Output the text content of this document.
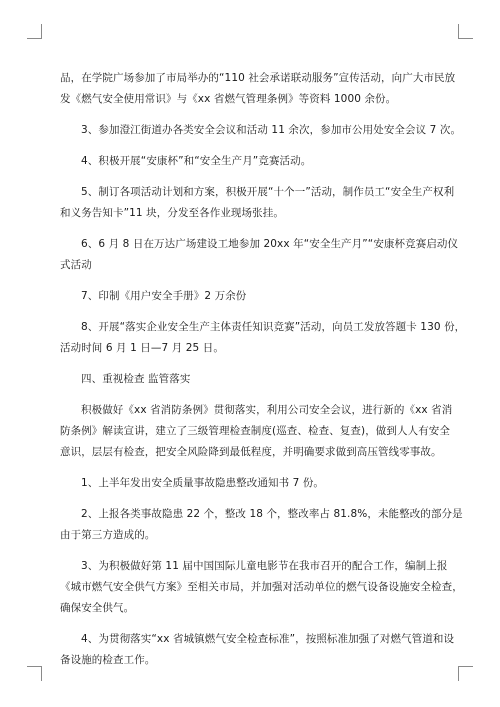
品，在学院广场参加了市局举办的“110 社会承诺联动服务”宣传活动，向广大市民放
发《燃气安全使用常识》与《xx 省燃气管理条例》等资料 1000 余份。

3、参加澄江街道办各类安全会议和活动 11 余次，参加市公用处安全会议 7 次。

4、积极开展“安康杯”和“安全生产月”竞赛活动。

5、制订各项活动计划和方案，积极开展“十个一”活动，制作员工“安全生产权利
和义务告知卡”11 块，分发至各作业现场张挂。

6、6 月 8 日在万达广场建设工地参加 20xx 年“安全生产月”“安康杯竞赛启动仪
式活动

7、印制《用户安全手册》2 万余份

8、开展“落实企业安全生产主体责任知识竞赛”活动，向员工发放答题卡 130 份，
活动时间 6 月 1 日—7 月 25 日。

四、重视检查 监管落实

积极做好《xx 省消防条例》贯彻落实，利用公司安全会议，进行新的《xx 省消
防条例》解读宣讲，建立了三级管理检查制度(巡查、检查、复查)，做到人人有安全
意识，层层有检查，把安全风险降到最低程度，并明确要求做到高压管线零事故。

1、上半年发出安全质量事故隐患整改通知书 7 份。

2、上报各类事故隐患 22 个，整改 18 个，整改率占 81.8%，未能整改的部分是
由于第三方造成的。

3、为积极做好第 11 届中国国际儿童电影节在我市召开的配合工作，编制上报
《城市燃气安全供气方案》至相关市局，并加强对活动单位的燃气设备设施安全检查，
确保安全供气。

4、为贯彻落实“xx 省城镇燃气安全检查标准”，按照标准加强了对燃气管道和设
备设施的检查工作。
